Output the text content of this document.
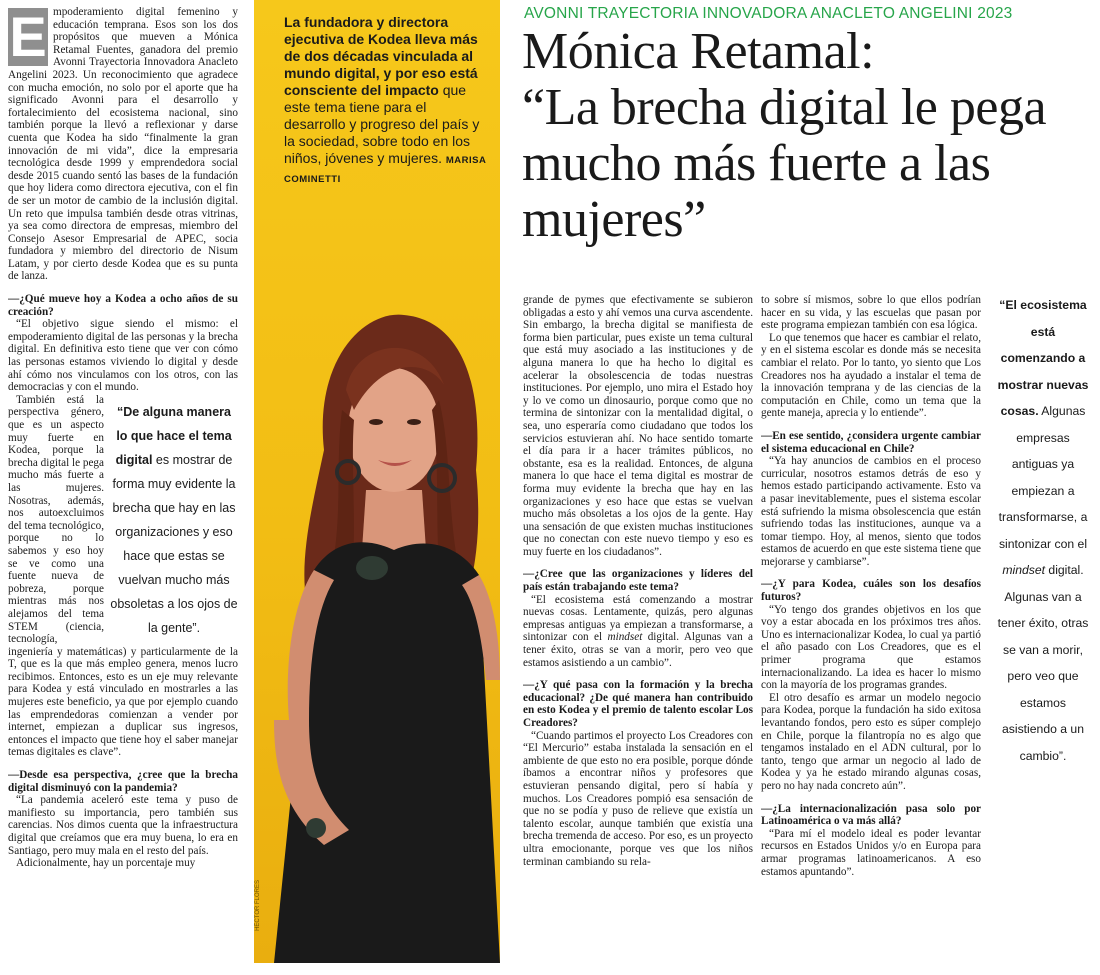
E mpoderamiento digital femenino y educación temprana. Esos son los dos propósitos que mueven a Mónica Retamal Fuentes, ganadora del premio Avonni Trayectoria Innovadora Anacleto Angelini 2023. Un reconocimiento que agradece con mucha emoción, no solo por el aporte que ha significado Avonni para el desarrollo y fortalecimiento del ecosistema nacional, sino también porque la llevó a reflexionar y darse cuenta que Kodea ha sido “finalmente la gran innovación de mi vida”, dice la empresaria tecnológica desde 1999 y emprendedora social desde 2015 cuando sentó las bases de la fundación que hoy lidera como directora ejecutiva, con el fin de ser un motor de cambio de la inclusión digital. Un reto que impulsa también desde otras vitrinas, ya sea como directora de empresas, miembro del Consejo Asesor Empresarial de APEC, socia fundadora y miembro del directorio de Nisum Latam, y por cierto desde Kodea que es su punta de lanza.

—¿Qué mueve hoy a Kodea a ocho años de su creación?

“El objetivo sigue siendo el mismo: el empoderamiento digital de las personas y la brecha digital. En definitiva esto tiene que ver con cómo las personas estamos viviendo lo digital y desde ahí cómo nos vinculamos con los otros, con las democracias y con el mundo.

“De alguna manera lo que hace el tema digital es mostrar de forma muy evidente la brecha que hay en las organizaciones y eso hace que estas se vuelvan mucho más obsoletas a los ojos de la gente”.

También está la perspectiva género, que es un aspecto muy fuerte en Kodea, porque la brecha digital le pega mucho más fuerte a las mujeres. Nosotras, además, nos autoexcluimos del tema tecnológico, porque no lo sabemos y eso hoy se ve como una fuente nueva de pobreza, porque mientras más nos alejamos del tema STEM (ciencia, tecnología, ingeniería y matemáticas) y particularmente de la T, que es la que más empleo genera, menos lucro recibimos. Entonces, esto es un eje muy relevante para Kodea y está vinculado en mostrarles a las mujeres este beneficio, ya que por ejemplo cuando las emprendedoras comienzan a vender por internet, empiezan a duplicar sus ingresos, entonces el impacto que tiene hoy el saber manejar temas digitales es clave”.

—Desde esa perspectiva, ¿cree que la brecha digital disminuyó con la pandemia?

“La pandemia aceleró este tema y puso de manifiesto su importancia, pero también sus carencias. Nos dimos cuenta que la infraestructura digital que creíamos que era muy buena, lo era en Santiago, pero muy mala en el resto del país.

Adicionalmente, hay un porcentaje muy

La fundadora y directora ejecutiva de Kodea lleva más de dos décadas vinculada al mundo digital, y por eso está consciente del impacto que este tema tiene para el desarrollo y progreso del país y la sociedad, sobre todo en los niños, jóvenes y mujeres. MARISA COMINETTI
HÉCTOR FLORES
AVONNI TRAYECTORIA INNOVADORA ANACLETO ANGELINI 2023
Mónica Retamal:
“La brecha digital le pega mucho más fuerte a las mujeres”

grande de pymes que efectivamente se subieron obligadas a esto y ahí vemos una curva ascendente. Sin embargo, la brecha digital se manifiesta de forma bien particular, pues existe un tema cultural que está muy asociado a las instituciones y de alguna manera lo que ha hecho lo digital es acelerar la obsolescencia de todas nuestras instituciones. Por ejemplo, uno mira el Estado hoy y lo ve como un dinosaurio, porque como que no termina de sintonizar con la mentalidad digital, o sea, uno esperaría como ciudadano que todos los servicios estuvieran ahí. No hace sentido tomarte el día para ir a hacer trámites públicos, no obstante, esa es la realidad. Entonces, de alguna manera lo que hace el tema digital es mostrar de forma muy evidente la brecha que hay en las organizaciones y eso hace que estas se vuelvan mucho más obsoletas a los ojos de la gente. Hay una sensación de que existen muchas instituciones que no conectan con este nuevo tiempo y eso es muy fuerte en los ciudadanos”.

—¿Cree que las organizaciones y líderes del país están trabajando este tema?

“El ecosistema está comenzando a mostrar nuevas cosas. Lentamente, quizás, pero algunas empresas antiguas ya empiezan a transformarse, a sintonizar con el mindset digital. Algunas van a tener éxito, otras se van a morir, pero veo que estamos asistiendo a un cambio”.

—¿Y qué pasa con la formación y la brecha educacional? ¿De qué manera han contribuido en esto Kodea y el premio de talento escolar Los Creadores?

“Cuando partimos el proyecto Los Creadores con “El Mercurio” estaba instalada la sensación en el ambiente de que esto no era posible, porque dónde íbamos a encontrar niños y profesores que estuvieran pensando digital, pero sí había y muchos. Los Creadores pompió esa sensación de que no se podía y puso de relieve que existía un talento escolar, aunque también que existía una brecha tremenda de acceso. Por eso, es un proyecto ultra emocionante, porque ves que los niños terminan cambiando su rela-

to sobre sí mismos, sobre lo que ellos podrían hacer en su vida, y las escuelas que pasan por este programa empiezan también con esa lógica.

Lo que tenemos que hacer es cambiar el relato, y en el sistema escolar es donde más se necesita cambiar el relato. Por lo tanto, yo siento que Los Creadores nos ha ayudado a instalar el tema de la innovación temprana y de las ciencias de la computación en Chile, como un tema que la gente maneja, aprecia y lo entiende”.

—En ese sentido, ¿considera urgente cambiar el sistema educacional en Chile?

“Ya hay anuncios de cambios en el proceso curricular, nosotros estamos detrás de eso y hemos estado participando activamente. Esto va a pasar inevitablemente, pues el sistema escolar está sufriendo la misma obsolescencia que están sufriendo todas las instituciones, aunque va a tomar tiempo. Hoy, al menos, siento que todos estamos de acuerdo en que este sistema tiene que mejorarse y cambiarse”.

—¿Y para Kodea, cuáles son los desafíos futuros?

“Yo tengo dos grandes objetivos en los que voy a estar abocada en los próximos tres años. Uno es internacionalizar Kodea, lo cual ya partió el año pasado con Los Creadores, que es el primer programa que estamos internacionalizando. La idea es hacer lo mismo con la mayoría de los programas grandes.

El otro desafío es armar un modelo negocio para Kodea, porque la fundación ha sido exitosa levantando fondos, pero esto es súper complejo en Chile, porque la filantropía no es algo que tengamos instalado en el ADN cultural, por lo tanto, tengo que armar un negocio al lado de Kodea y ya he estado mirando algunas cosas, pero no hay nada concreto aún”.

—¿La internacionalización pasa solo por Latinoamérica o va más allá?

“Para mí el modelo ideal es poder levantar recursos en Estados Unidos y/o en Europa para armar programas latinoamericanos. A eso estamos apuntando”.

“El ecosistema está comenzando a mostrar nuevas cosas. Algunas empresas antiguas ya empiezan a transformarse, a sintonizar con el mindset digital. Algunas van a tener éxito, otras se van a morir, pero veo que estamos asistiendo a un cambio”.
